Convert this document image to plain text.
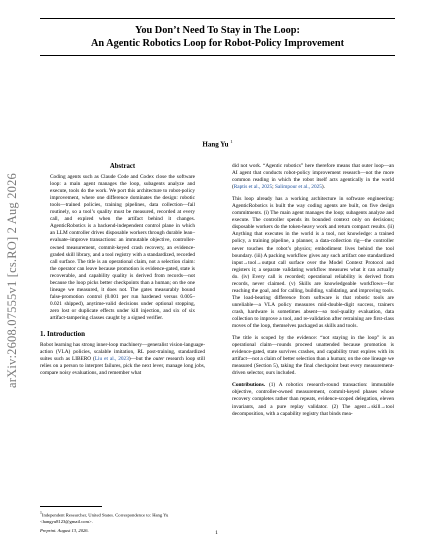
arXiv:2608.07555v1 [cs.RO] 2 Aug 2026
You Don’t Need To Stay in The Loop:
An Agentic Robotics Loop for Robot-Policy Improvement
Hang Yu $^1$
Abstract

Coding agents such as Claude Code and Codex close the software loop: a main agent manages the loop, subagents analyze and execute, tools do the work. We port this architecture to robot-policy improvement, where one difference dominates the design: robotic tools—trained policies, training pipelines, data collection—fail routinely, so a tool’s quality must be measured, recorded at every call, and expired when the artifact behind it changes. AgenticRobotics is a backend-independent control plane in which an LLM controller drives disposable workers through durable lean–evaluate–improve transactions: an immutable objective, controller-owned measurement, commit-keyed crash recovery, an evidence-graded skill library, and a tool registry with a standardized, recorded call surface. The title is an operational claim, not a selection claim: the operator can leave because promotion is evidence-gated, state is recoverable, and capability quality is derived from records—not because the loop picks better checkpoints than a human; on the one lineage we measured, it does not. The gates measurably bound false-promotion control (0.001 per run hardened versus 0.005–0.021 shipped), anytime-valid decisions under optional stopping, zero lost or duplicate effects under kill injection, and six of six artifact-tampering classes caught by a signed verifier.

1. Introduction

Robot learning has strong inner-loop machinery—generalist vision-language-action (VLA) policies, scalable imitation, RL post-training, standardized suites such as LIBERO (Liu et al., 2023)—but the outer research loop still relies on a person to interpret failures, pick the next lever, manage long jobs, compare noisy evaluations, and remember what

$^1$Independent Researcher, United States. Correspondence to: Hang Yu <hangyu8123@gmail.com>.
Preprint. August 13, 2026.

did not work. “Agentic robotics” here therefore means that outer loop—an AI agent that conducts robot-policy improvement research—not the more common reading in which the robot itself acts agentically in the world (Raptis et al., 2025; Salimpour et al., 2025).

This loop already has a working architecture in software engineering: AgenticRobotics is built the way coding agents are built, on five design commitments. (i) The main agent manages the loop; subagents analyze and execute. The controller spends its bounded context only on decisions; disposable workers do the token-heavy work and return compact results. (ii) Anything that executes in the world is a tool, not knowledge: a trained policy, a training pipeline, a planner, a data-collection rig—the controller never touches the robot’s physics; embodiment lives behind the tool boundary. (iii) A packing workflow gives any such artifact one standardized input→tool→output call surface over the Model Context Protocol and registers it; a separate validating workflow measures what it can actually do. (iv) Every call is recorded; operational reliability is derived from records, never claimed. (v) Skills are knowledgeable workflows—for reaching the goal, and for calling, building, validating, and improving tools. The load-bearing difference from software is that robotic tools are unreliable—a VLA policy measures mid-double-digit success, trainers crash, hardware is sometimes absent—so tool-quality evaluation, data collection to improve a tool, and re-validation after retraining are first-class moves of the loop, themselves packaged as skills and tools.

The title is scoped by the evidence: “not staying in the loop” is an operational claim—rounds proceed unattended because promotion is evidence-gated, state survives crashes, and capability trust expires with its artifact—not a claim of better selection than a human; on the one lineage we measured (Section 5), taking the final checkpoint beat every measurement-driven selector, ours included.

Contributions. (1) A robotics research-round transaction: immutable objective, controller-owned measurement, commit-keyed phases whose recovery completes rather than repeats, evidence-scoped delegation, eleven invariants, and a pure replay validator. (2) The agent→skill→tool decomposition, with a capability registry that binds mea-

1
